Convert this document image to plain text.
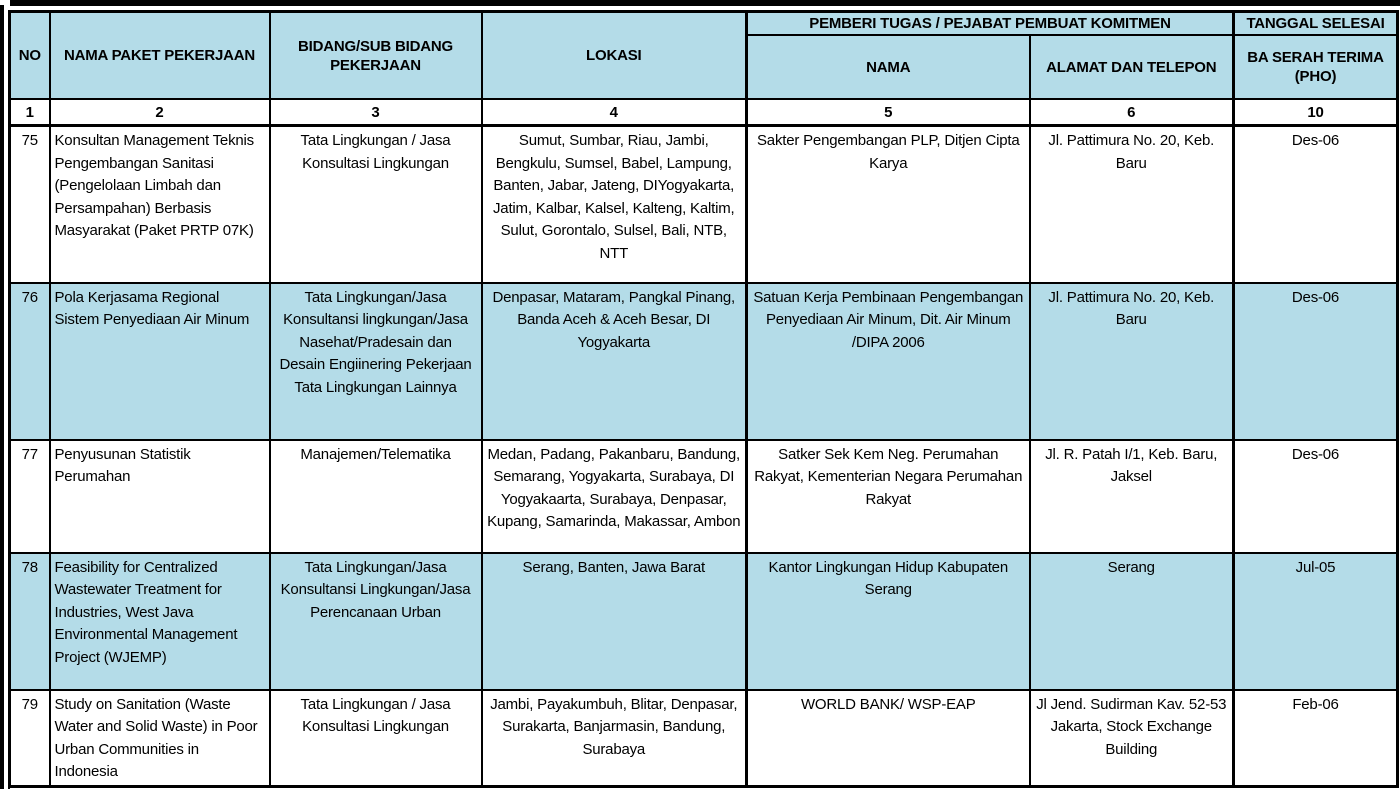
NO	NAMA PAKET PEKERJAAN	BIDANG/SUB BIDANG PEKERJAAN	LOKASI	PEMBERI TUGAS / PEJABAT PEMBUAT KOMITMEN		TANGGAL SELESAI
				NAMA	ALAMAT DAN TELEPON	BA SERAH TERIMA (PHO)
1	2	3	4	5	6	10
75	Konsultan Management Teknis Pengembangan Sanitasi (Pengelolaan Limbah dan Persampahan) Berbasis Masyarakat (Paket PRTP 07K)	Tata Lingkungan / Jasa Konsultasi Lingkungan	Sumut, Sumbar, Riau, Jambi, Bengkulu, Sumsel, Babel, Lampung, Banten, Jabar, Jateng, DIYogyakarta, Jatim, Kalbar, Kalsel, Kalteng, Kaltim, Sulut, Gorontalo, Sulsel, Bali, NTB, NTT	Sakter Pengembangan PLP, Ditjen Cipta Karya	Jl. Pattimura No. 20, Keb. Baru	Des-06
76	Pola Kerjasama Regional Sistem Penyediaan Air Minum	Tata Lingkungan/Jasa Konsultansi lingkungan/Jasa Nasehat/Pradesain dan Desain Engiinering Pekerjaan Tata Lingkungan Lainnya	Denpasar, Mataram, Pangkal Pinang, Banda Aceh & Aceh Besar, DI Yogyakarta	Satuan Kerja Pembinaan Pengembangan Penyediaan Air Minum, Dit. Air Minum /DIPA 2006	Jl. Pattimura No. 20, Keb. Baru	Des-06
77	Penyusunan Statistik Perumahan	Manajemen/Telematika	Medan, Padang, Pakanbaru, Bandung, Semarang, Yogyakarta, Surabaya, DI Yogyakaarta, Surabaya, Denpasar, Kupang, Samarinda, Makassar, Ambon	Satker Sek Kem Neg. Perumahan Rakyat, Kementerian Negara Perumahan Rakyat	Jl. R. Patah I/1, Keb. Baru, Jaksel	Des-06
78	Feasibility for Centralized Wastewater Treatment for Industries, West Java Environmental Management Project (WJEMP)	Tata Lingkungan/Jasa Konsultansi Lingkungan/Jasa Perencanaan Urban	Serang, Banten, Jawa Barat	Kantor Lingkungan Hidup Kabupaten Serang	Serang	Jul-05
79	Study on Sanitation (Waste Water and Solid Waste) in Poor Urban Communities in Indonesia	Tata Lingkungan / Jasa Konsultasi Lingkungan	Jambi, Payakumbuh, Blitar, Denpasar, Surakarta, Banjarmasin, Bandung, Surabaya	WORLD BANK/ WSP-EAP	Jl Jend. Sudirman Kav. 52-53 Jakarta, Stock Exchange Building	Feb-06
